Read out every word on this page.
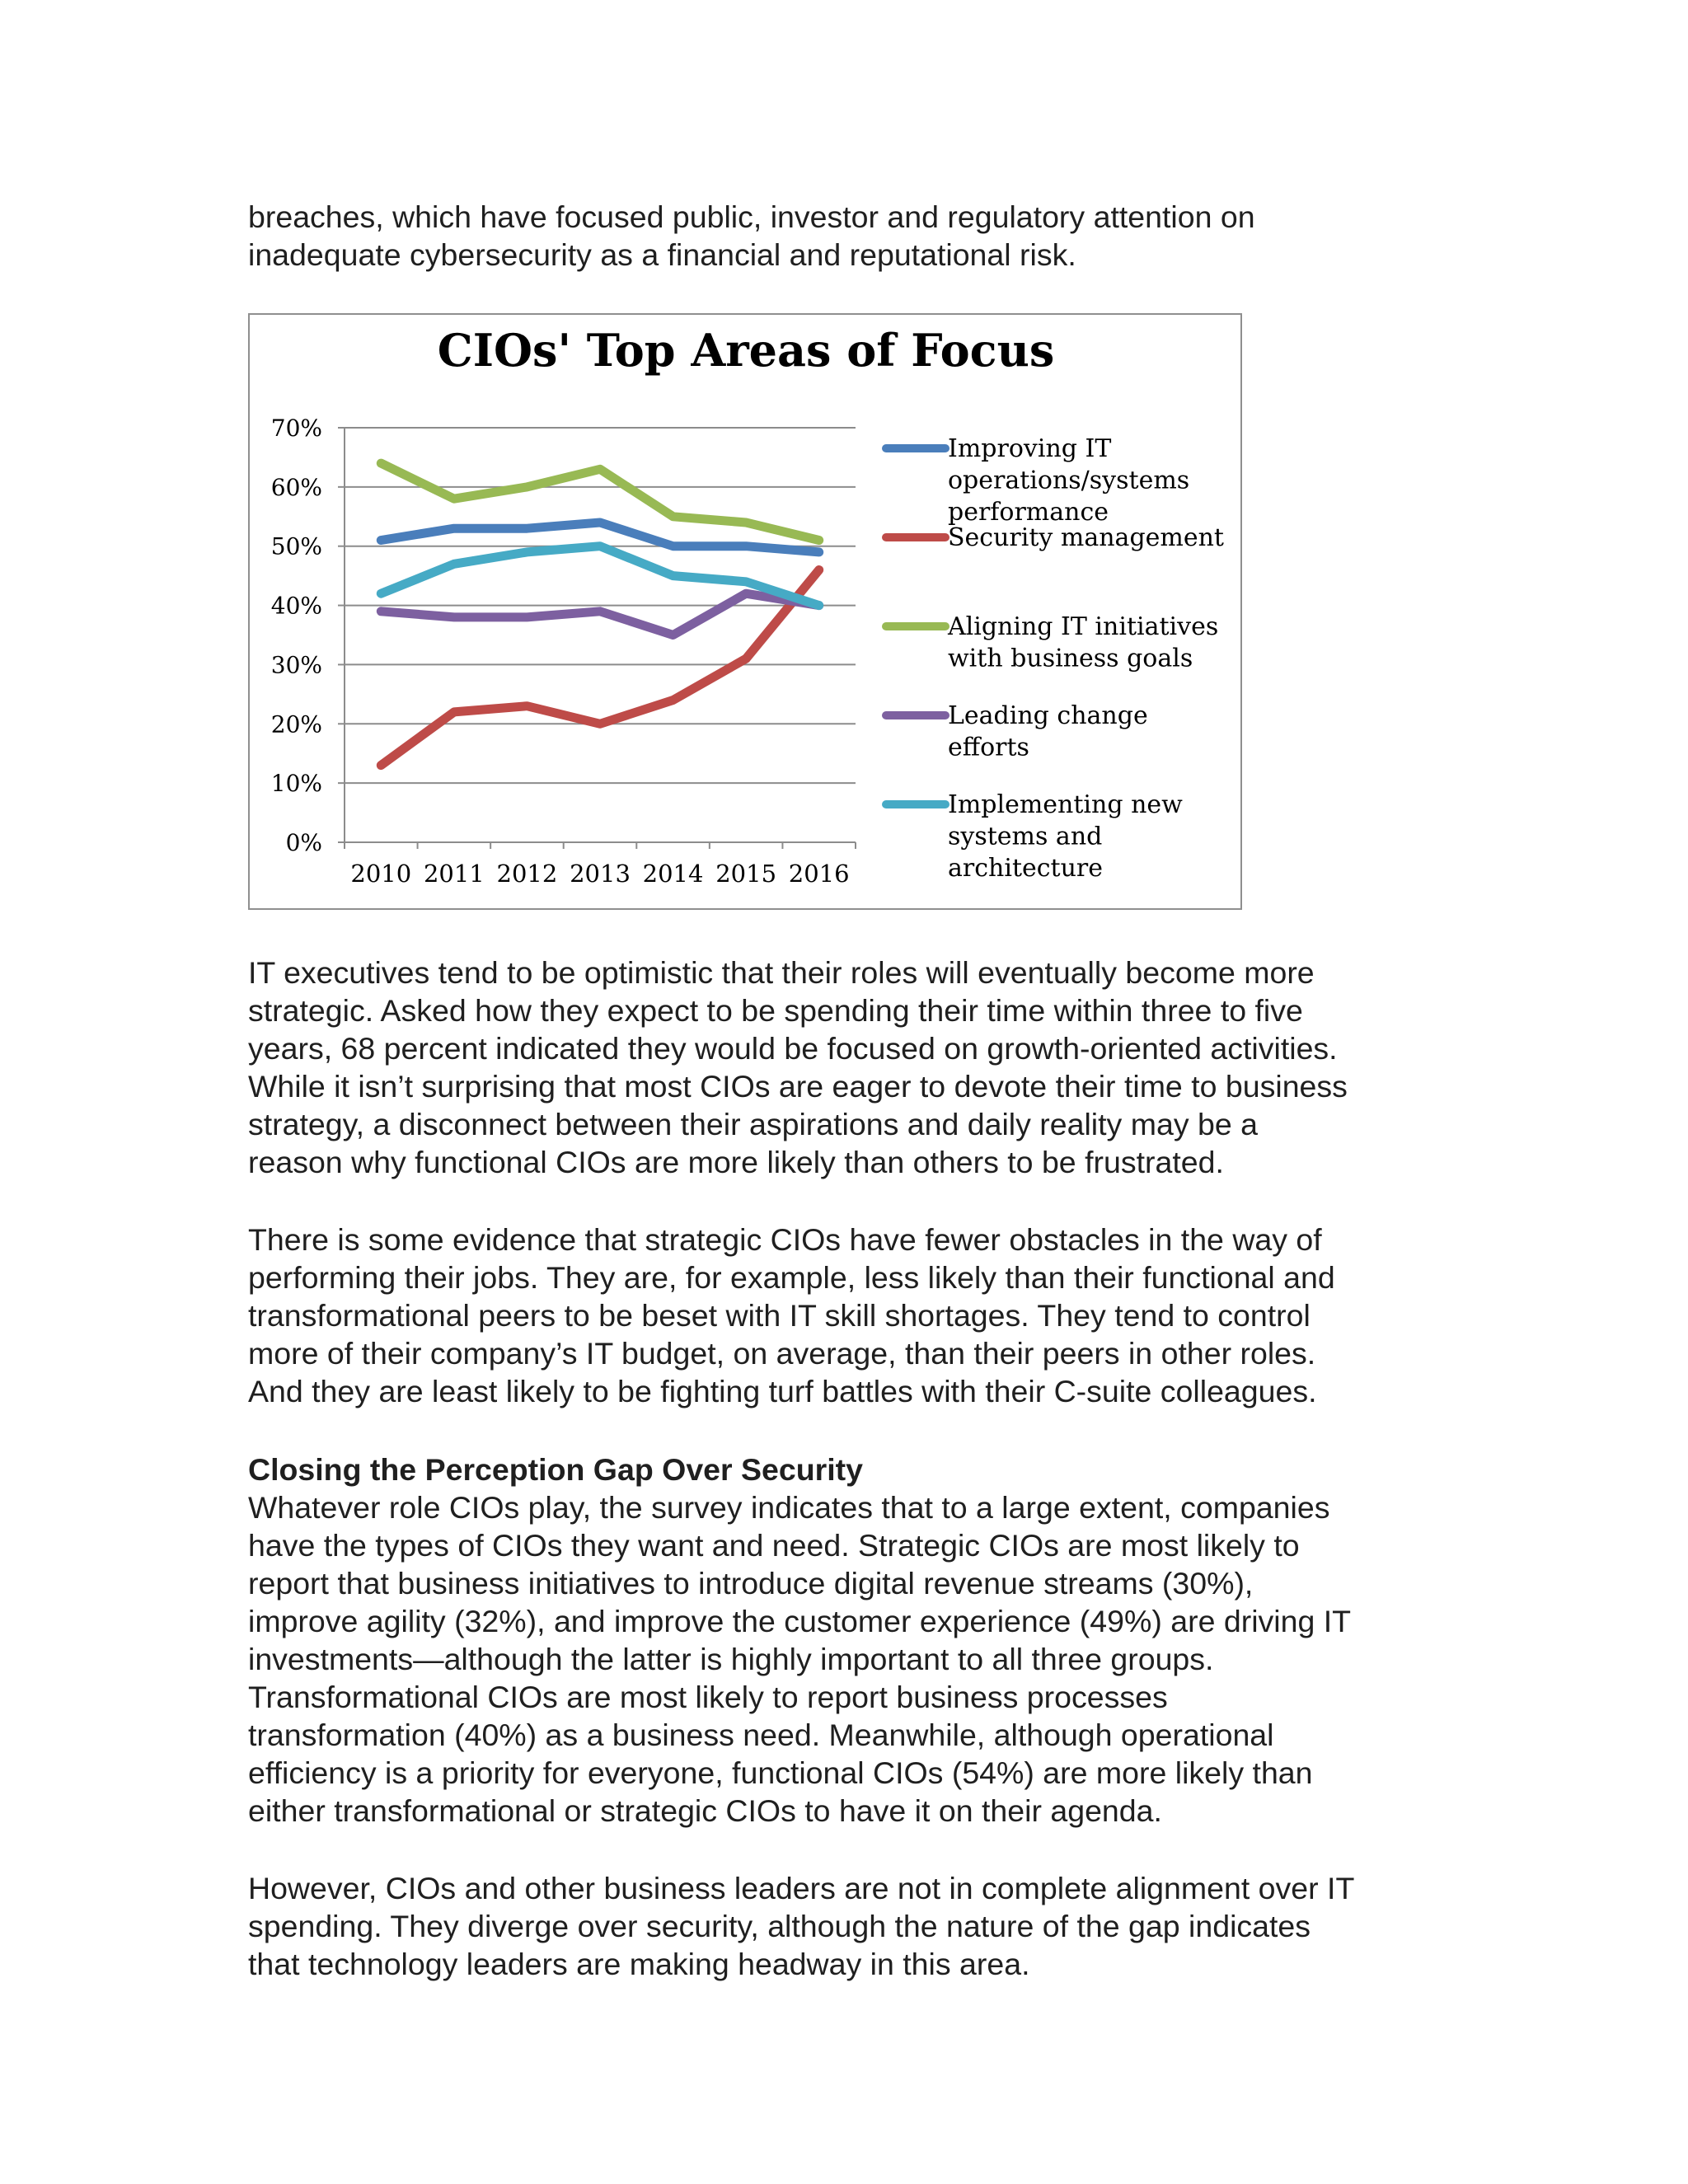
breaches, which have focused public, investor and regulatory attention on
inadequate cybersecurity as a financial and reputational risk.

CIOs' Top Areas of Focus
0%
10%
20%
30%
40%
50%
60%
70%
2010 2011 2012 2013 2014 2015 2016
Improving IT
operations/systems
performance
Security management
Aligning IT initiatives
with business goals
Leading change
efforts
Implementing new
systems and
architecture

IT executives tend to be optimistic that their roles will eventually become more
strategic. Asked how they expect to be spending their time within three to five
years, 68 percent indicated they would be focused on growth-oriented activities.
While it isn’t surprising that most CIOs are eager to devote their time to business
strategy, a disconnect between their aspirations and daily reality may be a
reason why functional CIOs are more likely than others to be frustrated.

There is some evidence that strategic CIOs have fewer obstacles in the way of
performing their jobs. They are, for example, less likely than their functional and
transformational peers to be beset with IT skill shortages. They tend to control
more of their company’s IT budget, on average, than their peers in other roles.
And they are least likely to be fighting turf battles with their C-suite colleagues.

Closing the Perception Gap Over Security

Whatever role CIOs play, the survey indicates that to a large extent, companies
have the types of CIOs they want and need. Strategic CIOs are most likely to
report that business initiatives to introduce digital revenue streams (30%),
improve agility (32%), and improve the customer experience (49%) are driving IT
investments—although the latter is highly important to all three groups.
Transformational CIOs are most likely to report business processes
transformation (40%) as a business need. Meanwhile, although operational
efficiency is a priority for everyone, functional CIOs (54%) are more likely than
either transformational or strategic CIOs to have it on their agenda.

However, CIOs and other business leaders are not in complete alignment over IT
spending. They diverge over security, although the nature of the gap indicates
that technology leaders are making headway in this area.
